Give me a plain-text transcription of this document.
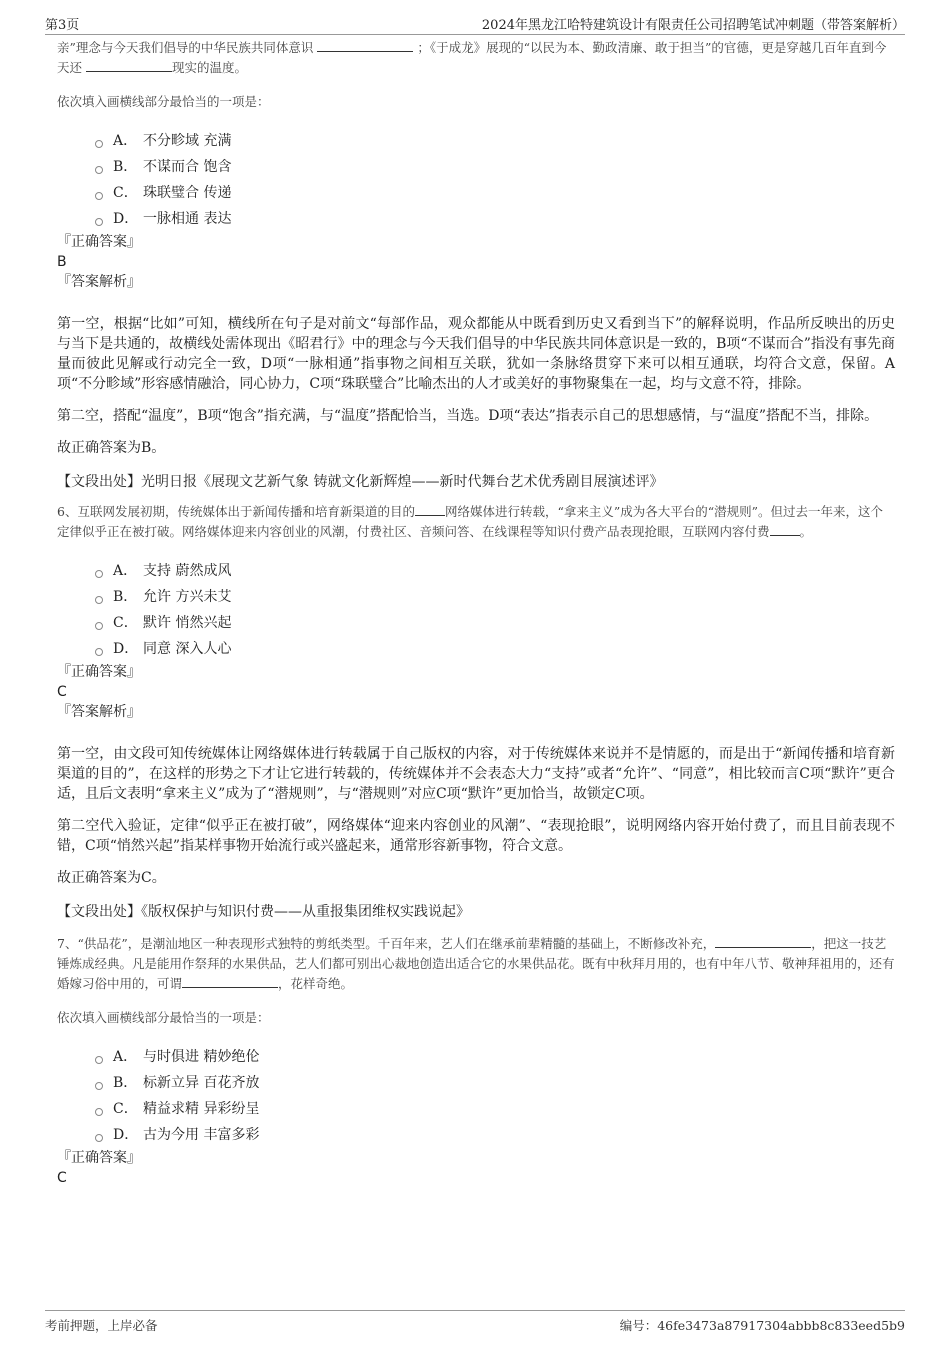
第3页	2024年黑龙江哈特建筑设计有限责任公司招聘笔试冲刺题（带答案解析）

亲”理念与今天我们倡导的中华民族共同体意识	；《于成龙》展现的“以民为本、勤政清廉、敢于担当”的官德，更是穿越几百年直到今天还	现实的温度。

依次填入画横线部分最恰当的一项是：

A． 不分畛域 充满
B． 不谋而合 饱含
C． 珠联璧合 传递
D． 一脉相通 表达

『正确答案』

B

『答案解析』

第一空，根据“比如”可知，横线所在句子是对前文“每部作品，观众都能从中既看到历史又看到当下”的解释说明，作品所反映出的历史与当下是共通的，故横线处需体现出《昭君行》中的理念与今天我们倡导的中华民族共同体意识是一致的，B项“不谋而合”指没有事先商量而彼此见解或行动完全一致，D项“一脉相通”指事物之间相互关联，犹如一条脉络贯穿下来可以相互通联，均符合文意，保留。A项“不分畛域”形容感情融洽，同心协力，C项“珠联璧合”比喻杰出的人才或美好的事物聚集在一起，均与文意不符，排除。

第二空，搭配“温度”，B项“饱含”指充满，与“温度”搭配恰当，当选。D项“表达”指表示自己的思想感情，与“温度”搭配不当，排除。

故正确答案为B。

【文段出处】光明日报《展现文艺新气象 铸就文化新辉煌——新时代舞台艺术优秀剧目展演述评》

6、互联网发展初期，传统媒体出于新闻传播和培育新渠道的目的 网络媒体进行转载，“拿来主义”成为各大平台的“潜规则”。但过去一年来，这个定律似乎正在被打破。网络媒体迎来内容创业的风潮，付费社区、音频问答、在线课程等知识付费产品表现抢眼，互联网内容付费 。

A． 支持 蔚然成风
B． 允许 方兴未艾
C． 默许 悄然兴起
D． 同意 深入人心

『正确答案』

C

『答案解析』

第一空，由文段可知传统媒体让网络媒体进行转载属于自己版权的内容，对于传统媒体来说并不是情愿的，而是出于“新闻传播和培育新渠道的目的”，在这样的形势之下才让它进行转载的，传统媒体并不会表态大力“支持”或者“允许”、“同意”，相比较而言C项“默许”更合适，且后文表明“拿来主义”成为了“潜规则”，与“潜规则”对应C项“默许”更加恰当，故锁定C项。

第二空代入验证，定律“似乎正在被打破”，网络媒体“迎来内容创业的风潮”、“表现抢眼”，说明网络内容开始付费了，而且目前表现不错，C项“悄然兴起”指某样事物开始流行或兴盛起来，通常形容新事物，符合文意。

故正确答案为C。

【文段出处】《版权保护与知识付费——从重报集团维权实践说起》

7、“供品花”，是潮汕地区一种表现形式独特的剪纸类型。千百年来，艺人们在继承前辈精髓的基础上，不断修改补充，	，把这一技艺锤炼成经典。凡是能用作祭拜的水果供品，艺人们都可别出心裁地创造出适合它的水果供品花。既有中秋拜月用的，也有中年八节、敬神拜祖用的，还有婚嫁习俗中用的，可谓	，花样奇绝。

依次填入画横线部分最恰当的一项是：

A． 与时俱进 精妙绝伦
B． 标新立异 百花齐放
C． 精益求精 异彩纷呈
D． 古为今用 丰富多彩

『正确答案』

C

考前押题，上岸必备	编号：46fe3473a87917304abbb8c833eed5b9
